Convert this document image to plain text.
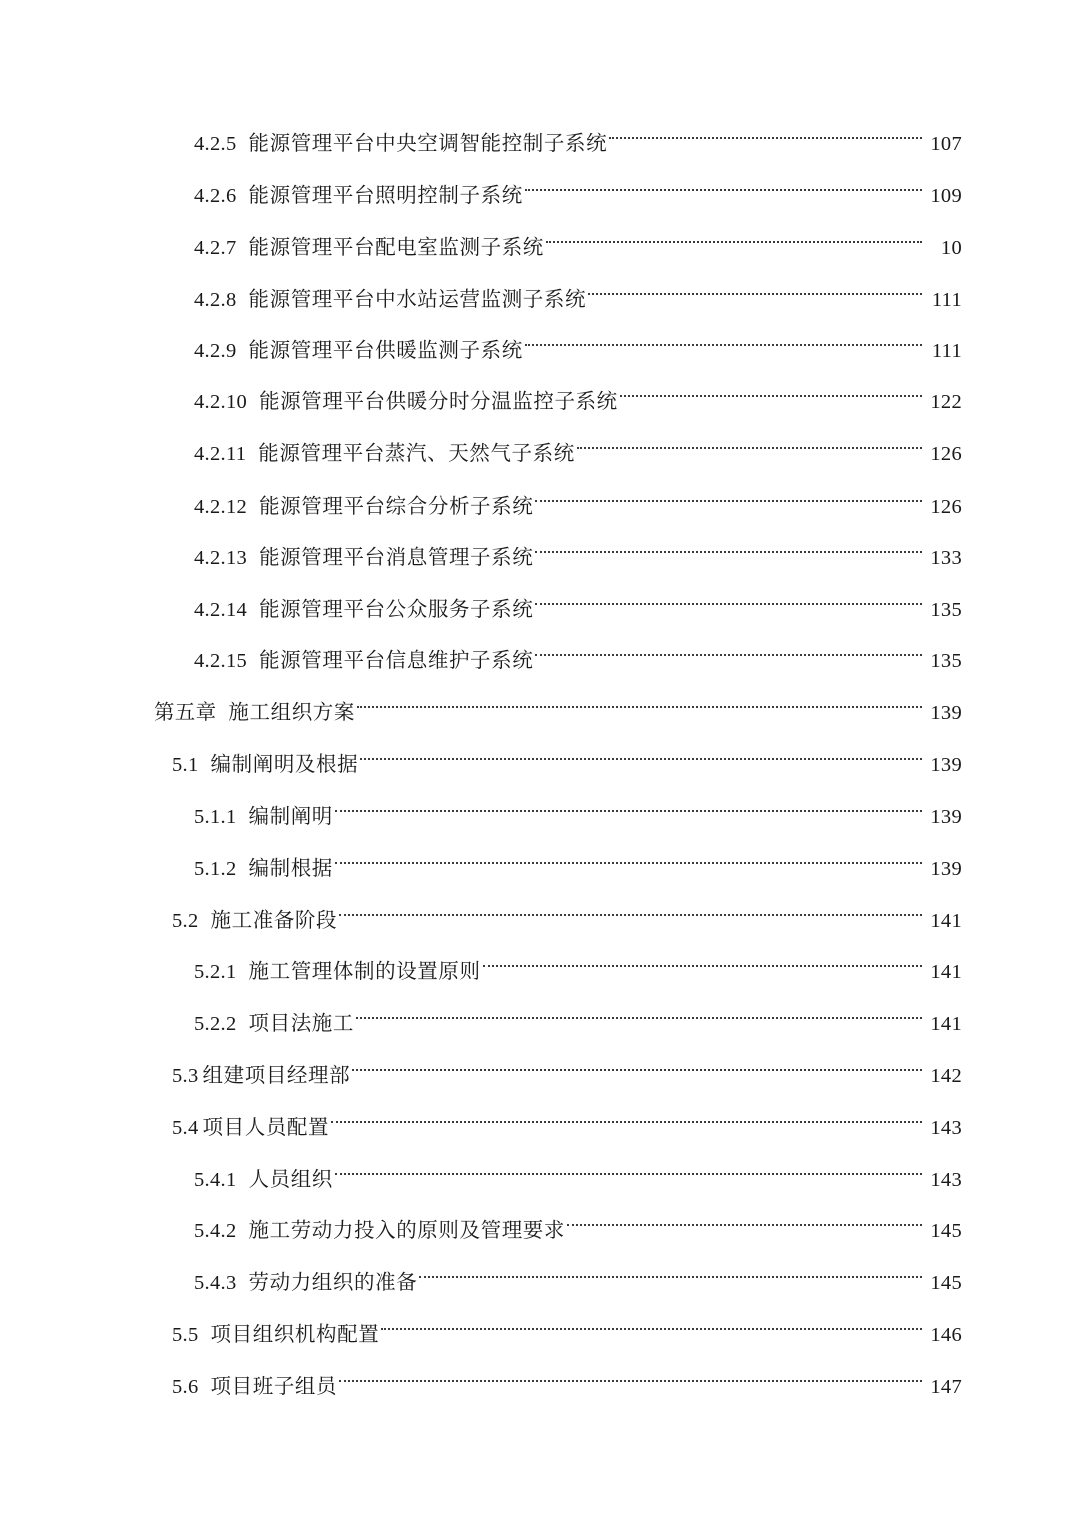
4.2.5 能源管理平台中央空调智能控制子系统	107
4.2.6 能源管理平台照明控制子系统	109
4.2.7 能源管理平台配电室监测子系统	10
4.2.8 能源管理平台中水站运营监测子系统	111
4.2.9 能源管理平台供暖监测子系统	111
4.2.10 能源管理平台供暖分时分温监控子系统	122
4.2.11 能源管理平台蒸汽、天然气子系统	126
4.2.12 能源管理平台综合分析子系统	126
4.2.13 能源管理平台消息管理子系统	133
4.2.14 能源管理平台公众服务子系统	135
4.2.15 能源管理平台信息维护子系统	135
第五章 施工组织方案	139
5.1 编制阐明及根据	139
5.1.1 编制阐明	139
5.1.2 编制根据	139
5.2 施工准备阶段	141
5.2.1 施工管理体制的设置原则	141
5.2.2 项目法施工	141
5.3 组建项目经理部	142
5.4 项目人员配置	143
5.4.1 人员组织	143
5.4.2 施工劳动力投入的原则及管理要求	145
5.4.3 劳动力组织的准备	145
5.5 项目组织机构配置	146
5.6 项目班子组员	147
